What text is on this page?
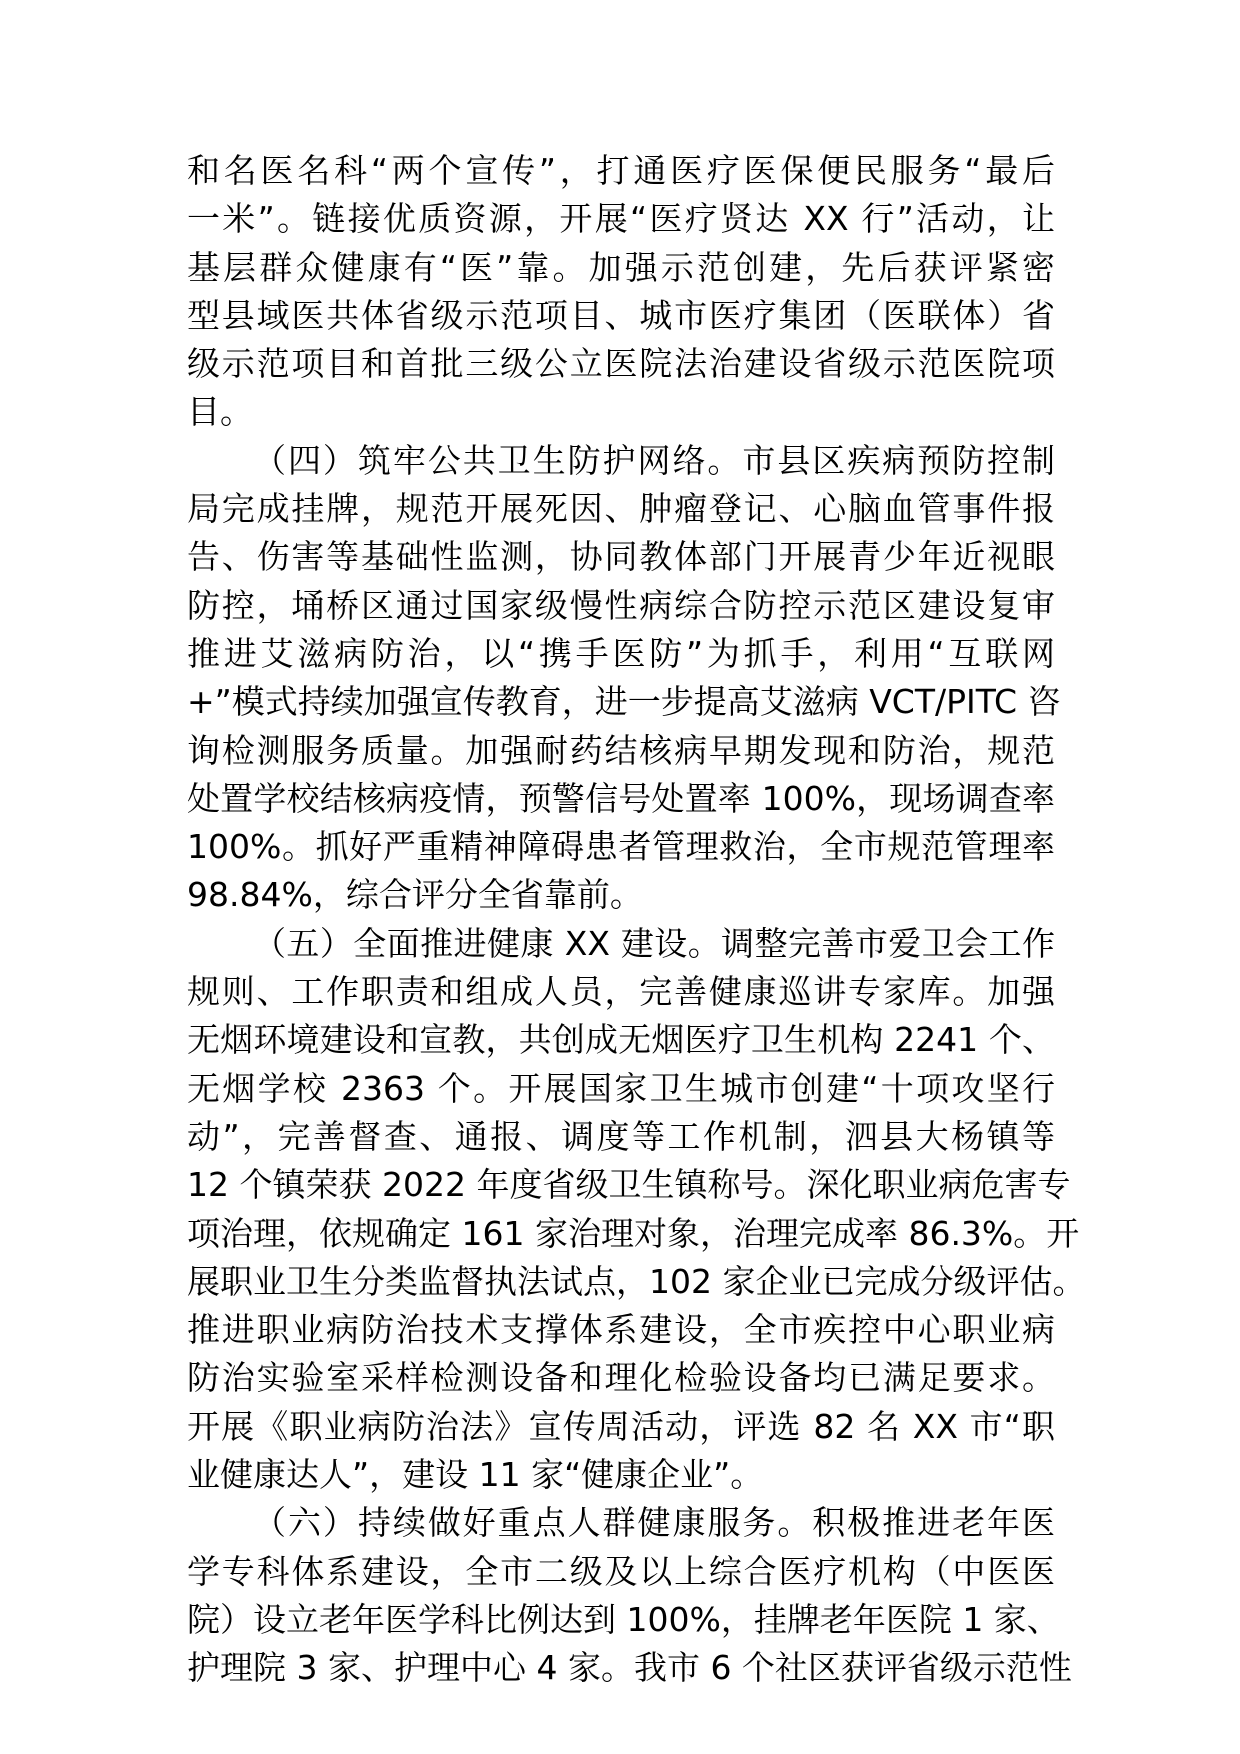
和名医名科“两个宣传”，打通医疗医保便民服务“最后
一米”。链接优质资源，开展“医疗贤达 XX 行”活动，让
基层群众健康有“医”靠。加强示范创建，先后获评紧密
型县域医共体省级示范项目、城市医疗集团（医联体）省
级示范项目和首批三级公立医院法治建设省级示范医院项
目。
（四）筑牢公共卫生防护网络。市县区疾病预防控制
局完成挂牌，规范开展死因、肿瘤登记、心脑血管事件报
告、伤害等基础性监测，协同教体部门开展青少年近视眼
防控，埇桥区通过国家级慢性病综合防控示范区建设复审
推进艾滋病防治，以“携手医防”为抓手，利用“互联网
+”模式持续加强宣传教育，进一步提高艾滋病 VCT/PITC 咨
询检测服务质量。加强耐药结核病早期发现和防治，规范
处置学校结核病疫情，预警信号处置率 100%，现场调查率
100%。抓好严重精神障碍患者管理救治，全市规范管理率
98.84%，综合评分全省靠前。
（五）全面推进健康 XX 建设。调整完善市爱卫会工作
规则、工作职责和组成人员，完善健康巡讲专家库。加强
无烟环境建设和宣教，共创成无烟医疗卫生机构 2241 个、
无烟学校 2363 个。开展国家卫生城市创建“十项攻坚行
动”，完善督查、通报、调度等工作机制，泗县大杨镇等
12 个镇荣获 2022 年度省级卫生镇称号。深化职业病危害专
项治理，依规确定 161 家治理对象，治理完成率 86.3%。开
展职业卫生分类监督执法试点，102 家企业已完成分级评估。
推进职业病防治技术支撑体系建设，全市疾控中心职业病
防治实验室采样检测设备和理化检验设备均已满足要求。
开展《职业病防治法》宣传周活动，评选 82 名 XX 市“职
业健康达人”，建设 11 家“健康企业”。
（六）持续做好重点人群健康服务。积极推进老年医
学专科体系建设，全市二级及以上综合医疗机构（中医医
院）设立老年医学科比例达到 100%，挂牌老年医院 1 家、
护理院 3 家、护理中心 4 家。我市 6 个社区获评省级示范性
